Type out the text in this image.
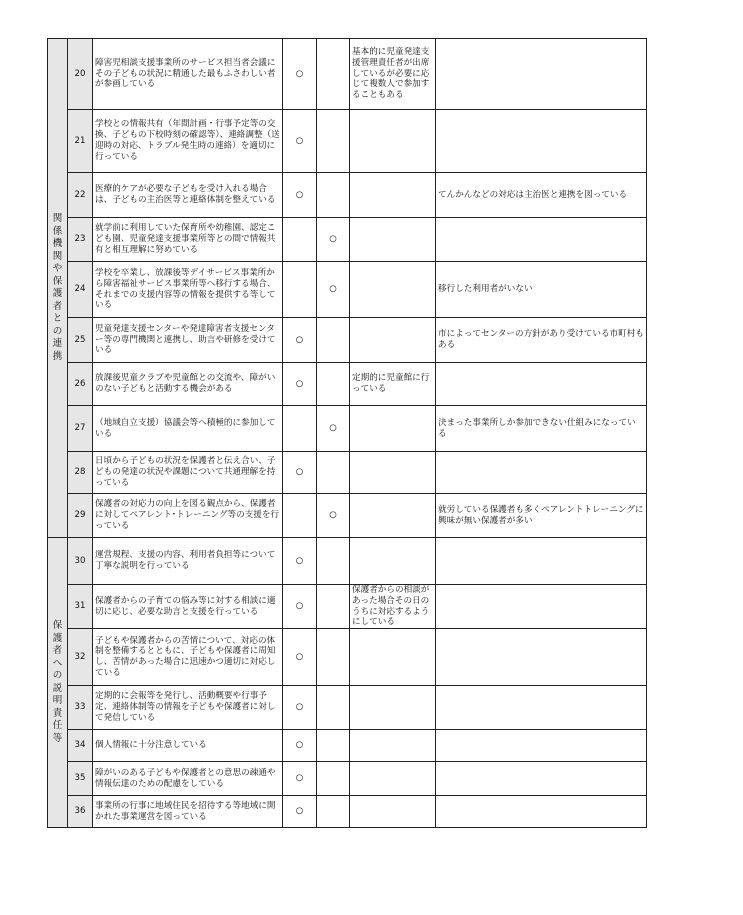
関係機関や保護者との連携	20	障害児相談支援事業所のサービス担当者会議にその子どもの状況に精通した最もふさわしい者が参画している	○		基本的に児童発達支援管理責任者が出席しているが必要に応じて複数人で参加することもある	
	21	学校との情報共有（年間計画・行事予定等の交換、子どもの下校時刻の確認等）、連絡調整（送迎時の対応、トラブル発生時の連絡）を適切に行っている	○			
	22	医療的ケアが必要な子どもを受け入れる場合は、子どもの主治医等と連絡体制を整えている	○			てんかんなどの対応は主治医と連携を図っている
	23	就学前に利用していた保育所や幼稚園、認定こども園、児童発達支援事業所等との間で情報共有と相互理解に努めている		○		
	24	学校を卒業し、放課後等デイサービス事業所から障害福祉サービス事業所等へ移行する場合、それまでの支援内容等の情報を提供する等している		○		移行した利用者がいない
	25	児童発達支援センターや発達障害者支援センター等の専門機関と連携し、助言や研修を受けている	○			市によってセンターの方針があり受けている市町村もある
	26	放課後児童クラブや児童館との交流や、障がいのない子どもと活動する機会がある	○		定期的に児童館に行っている	
	27	（地域自立支援）協議会等へ積極的に参加している		○		決まった事業所しか参加できない仕組みになっている
	28	日頃から子どもの状況を保護者と伝え合い、子どもの発達の状況や課題について共通理解を持っている	○			
	29	保護者の対応力の向上を図る観点から、保護者に対してペアレント･トレーニング等の支援を行っている		○		就労している保護者も多くペアレントトレーニングに興味が無い保護者が多い
保護者への説明責任等	30	運営規程、支援の内容、利用者負担等について丁寧な説明を行っている	○			
	31	保護者からの子育ての悩み等に対する相談に適切に応じ、必要な助言と支援を行っている	○		保護者からの相談があった場合その日のうちに対応するようにしている	
	32	子どもや保護者からの苦情について、対応の体制を整備するとともに、子どもや保護者に周知し、苦情があった場合に迅速かつ適切に対応している	○			
	33	定期的に会報等を発行し、活動概要や行事予定、連絡体制等の情報を子どもや保護者に対して発信している	○			
	34	個人情報に十分注意している	○			
	35	障がいのある子どもや保護者との意思の疎通や情報伝達のための配慮をしている	○			
	36	事業所の行事に地域住民を招待する等地域に開かれた事業運営を図っている	○			
